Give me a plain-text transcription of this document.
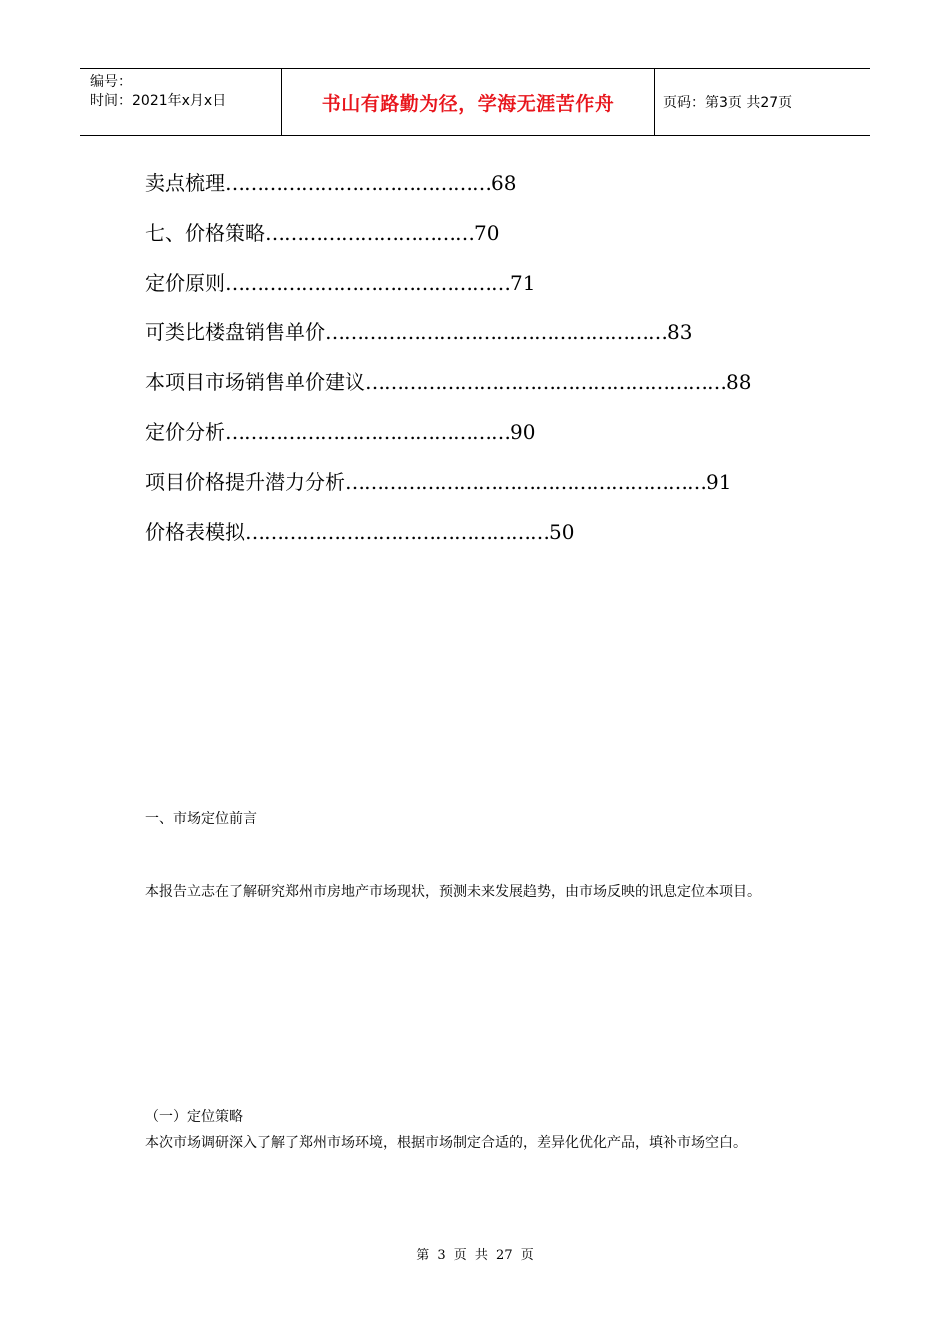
编号：
时间：2021年x月x日	书山有路勤为径，学海无涯苦作舟	页码：第3页 共27页
卖点梳理 …………………………………… 68
七、价格策略 …………………………… 70
定价原则 ……………………………………… 71
可类比楼盘销售单价 ……………………………………………… 83
本项目市场销售单价建议 ………………………………………………… 88
定价分析 ……………………………………… 90
项目价格提升潜力分析 ………………………………………………… 91
价格表模拟 ………………………………………… 50
一、市场定位前言
本报告立志在了解研究郑州市房地产市场现状，预测未来发展趋势，由市场反映的讯息定位本项目。
（一）定位策略
本次市场调研深入了解了郑州市场环境，根据市场制定合适的，差异化优化产品，填补市场空白。
第 3 页 共 27 页
